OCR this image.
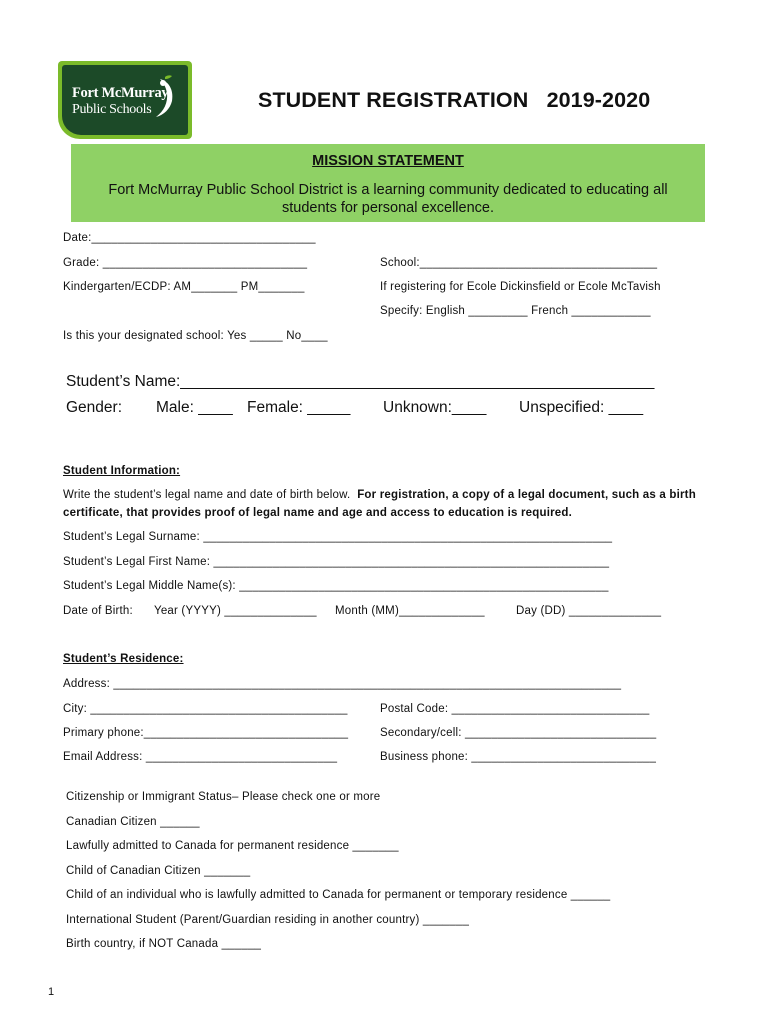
Fort McMurray
Public Schools	STUDENT REGISTRATION   2019-2020
MISSION STATEMENT
Fort McMurray Public School District is a learning community dedicated to educating all students for personal excellence.
Date:__________________________________
Grade: _______________________________	School:____________________________________
Kindergarten/ECDP: AM_______ PM_______	If registering for Ecole Dickinsfield or Ecole McTavish
Specify: English _________ French ____________
Is this your designated school: Yes _____ No____
Student’s Name:_______________________________________________________
Gender: Male: ____ Female: _____ Unknown:____ Unspecified: ____
Student Information:
Write the student’s legal name and date of birth below. For registration, a copy of a legal document, such as a birth
certificate, that provides proof of legal name and age and access to education is required.
Student’s Legal Surname: ______________________________________________________________
Student’s Legal First Name: ____________________________________________________________
Student’s Legal Middle Name(s): ________________________________________________________
Date of Birth: Year (YYYY) ______________ Month (MM)_____________	Day (DD) ______________
Student’s Residence:
Address: _____________________________________________________________________________
City: _______________________________________	Postal Code: ______________________________
Primary phone:_______________________________	Secondary/cell: _____________________________
Email Address: _____________________________	Business phone: ____________________________
Citizenship or Immigrant Status– Please check one or more
Canadian Citizen ______
Lawfully admitted to Canada for permanent residence _______
Child of Canadian Citizen _______
Child of an individual who is lawfully admitted to Canada for permanent or temporary residence ______
International Student (Parent/Guardian residing in another country) _______
Birth country, if NOT Canada ______
1
